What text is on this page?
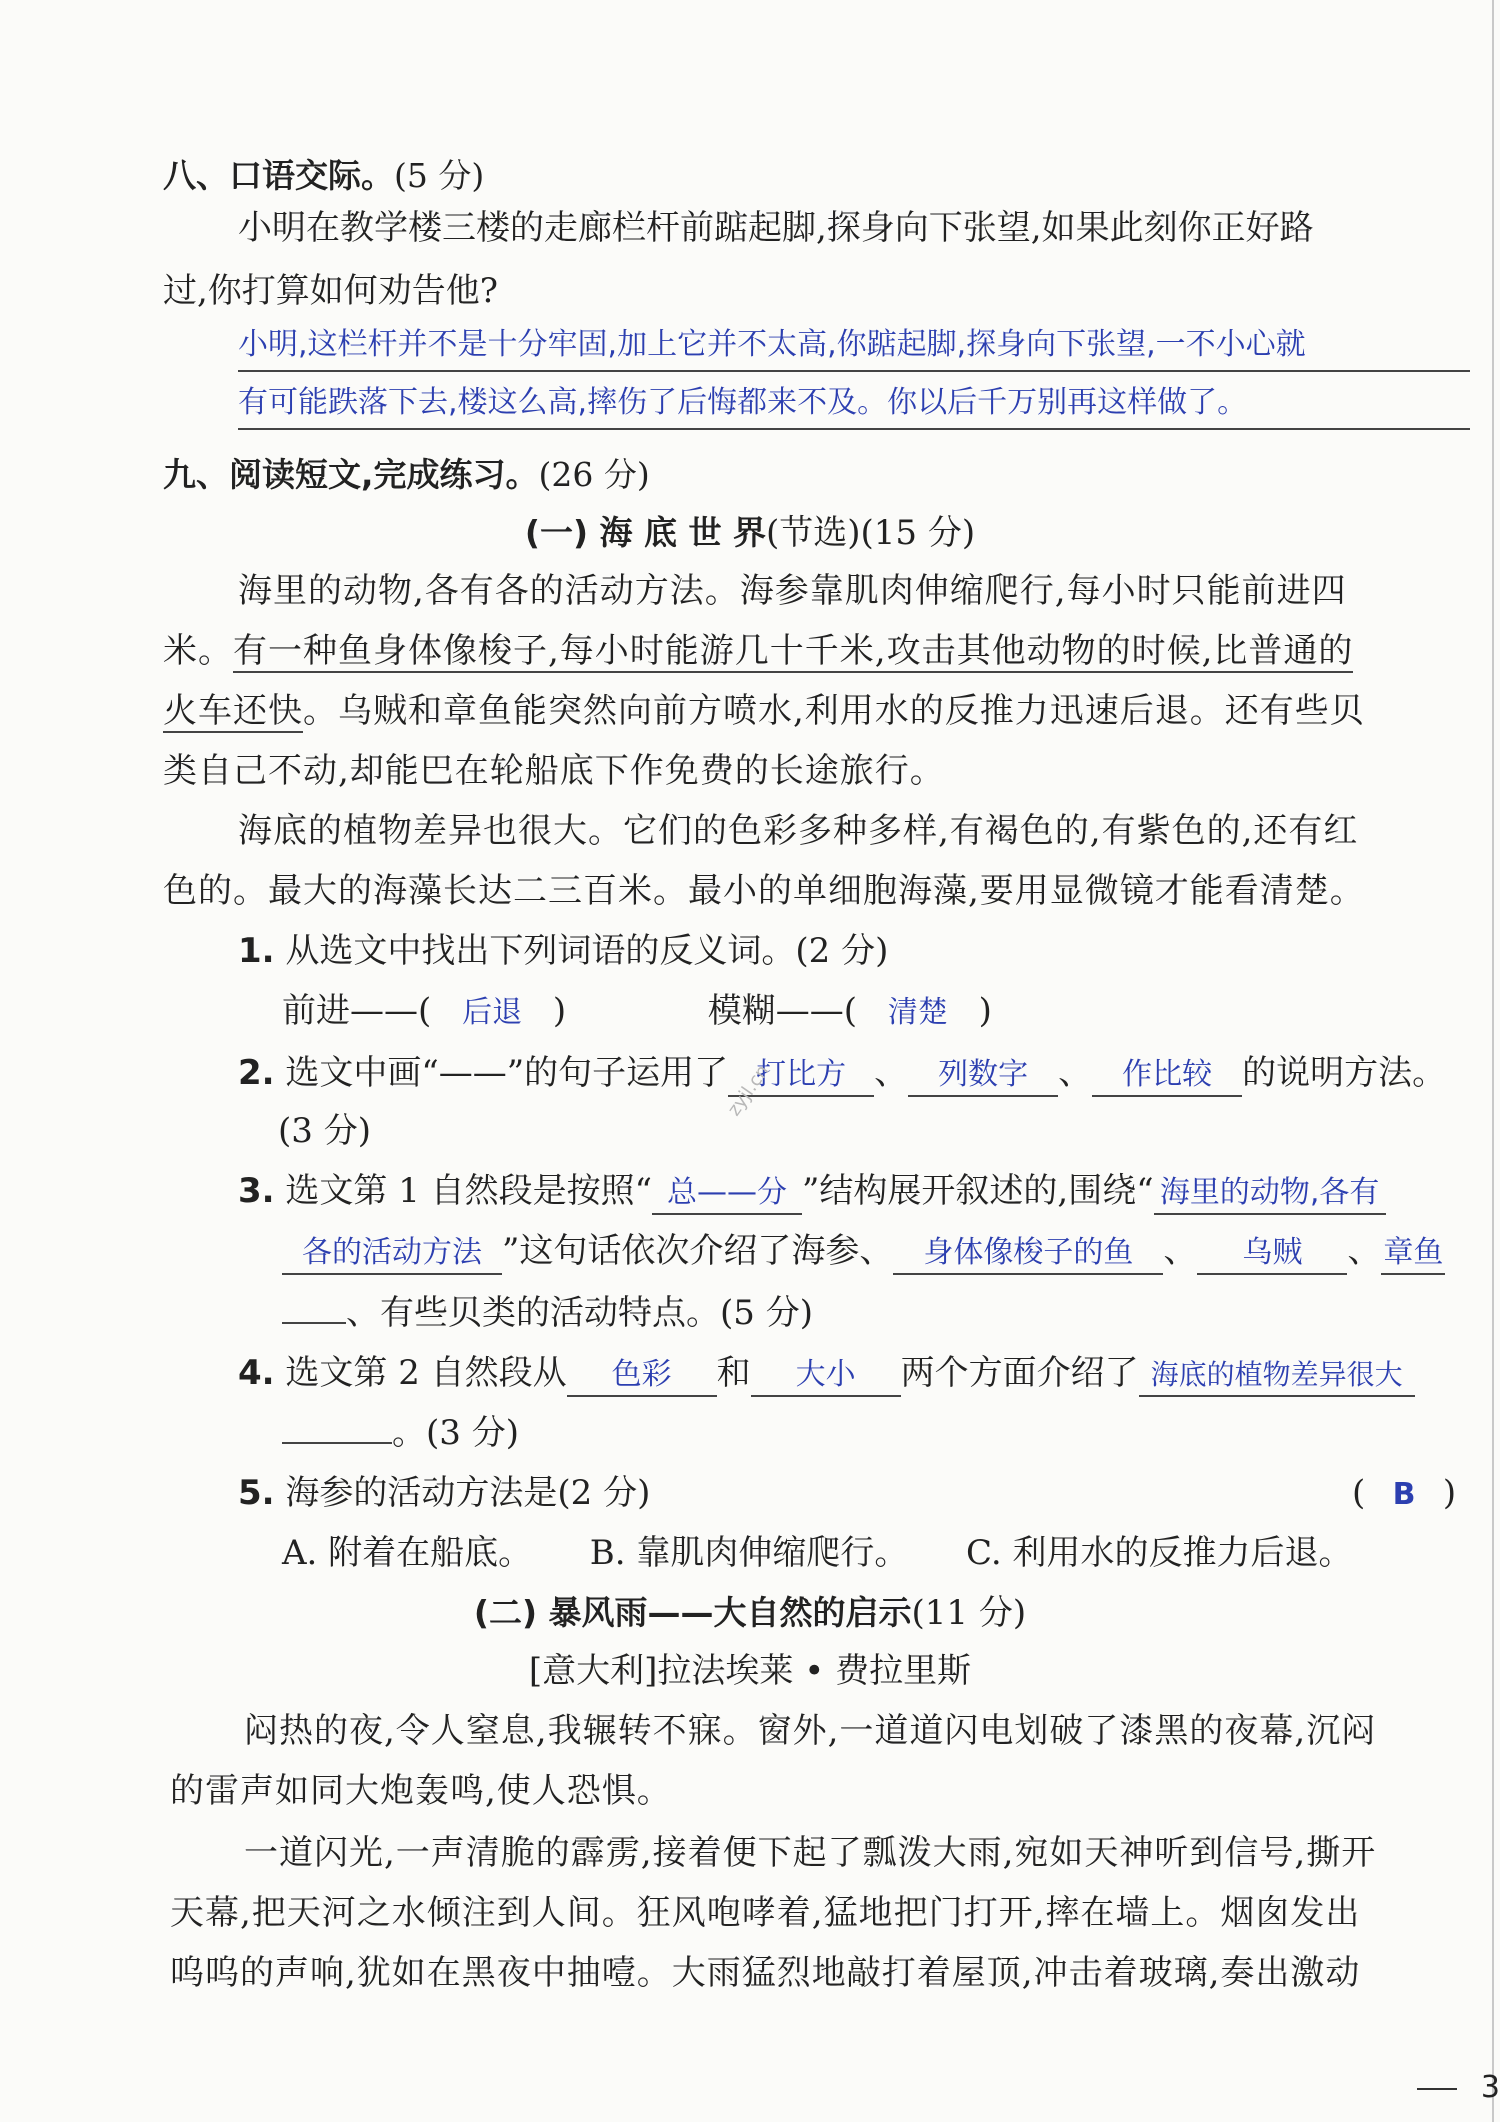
八、口语交际。(5 分)
小明在教学楼三楼的走廊栏杆前踮起脚,探身向下张望,如果此刻你正好路
过,你打算如何劝告他?
小明,这栏杆并不是十分牢固,加上它并不太高,你踮起脚,探身向下张望,一不小心就
有可能跌落下去,楼这么高,摔伤了后悔都来不及。你以后千万别再这样做了。
九、阅读短文,完成练习。(26 分)
(一) 海 底 世 界(节选)(15 分)
海里的动物,各有各的活动方法。海参靠肌肉伸缩爬行,每小时只能前进四
米。有一种鱼身体像梭子,每小时能游几十千米,攻击其他动物的时候,比普通的
火车还快。乌贼和章鱼能突然向前方喷水,利用水的反推力迅速后退。还有些贝
类自己不动,却能巴在轮船底下作免费的长途旅行。
海底的植物差异也很大。它们的色彩多种多样,有褐色的,有紫色的,还有红
色的。最大的海藻长达二三百米。最小的单细胞海藻,要用显微镜才能看清楚。
1. 从选文中找出下列词语的反义词。(2 分)
前进——( 后退 )	模糊——( 清楚 )
2. 选文中画“——”的句子运用了 打比方 、 列数字 、 作比较 的说明方法。
(3 分)
3. 选文第 1 自然段是按照“ 总——分 ”结构展开叙述的,围绕“ 海里的动物,各有
各的活动方法 ”这句话依次介绍了海参、 身体像梭子的鱼 、 乌贼 、章鱼
、有些贝类的活动特点。(5 分)
4. 选文第 2 自然段从 色彩 和 大小 两个方面介绍了 海底的植物差异很大
。(3 分)
5. 海参的活动方法是(2 分)	( B )
A. 附着在船底。 B. 靠肌肉伸缩爬行。 C. 利用水的反推力后退。
(二) 暴风雨——大自然的启示(11 分)
[意大利]拉法埃莱 • 费拉里斯
闷热的夜,令人窒息,我辗转不寐。窗外,一道道闪电划破了漆黑的夜幕,沉闷
的雷声如同大炮轰鸣,使人恐惧。
一道闪光,一声清脆的霹雳,接着便下起了瓢泼大雨,宛如天神听到信号,撕开
天幕,把天河之水倾注到人间。狂风咆哮着,猛地把门打开,摔在墙上。烟囱发出
呜呜的声响,犹如在黑夜中抽噎。大雨猛烈地敲打着屋顶,冲击着玻璃,奏出激动
zyjl.cn
3
